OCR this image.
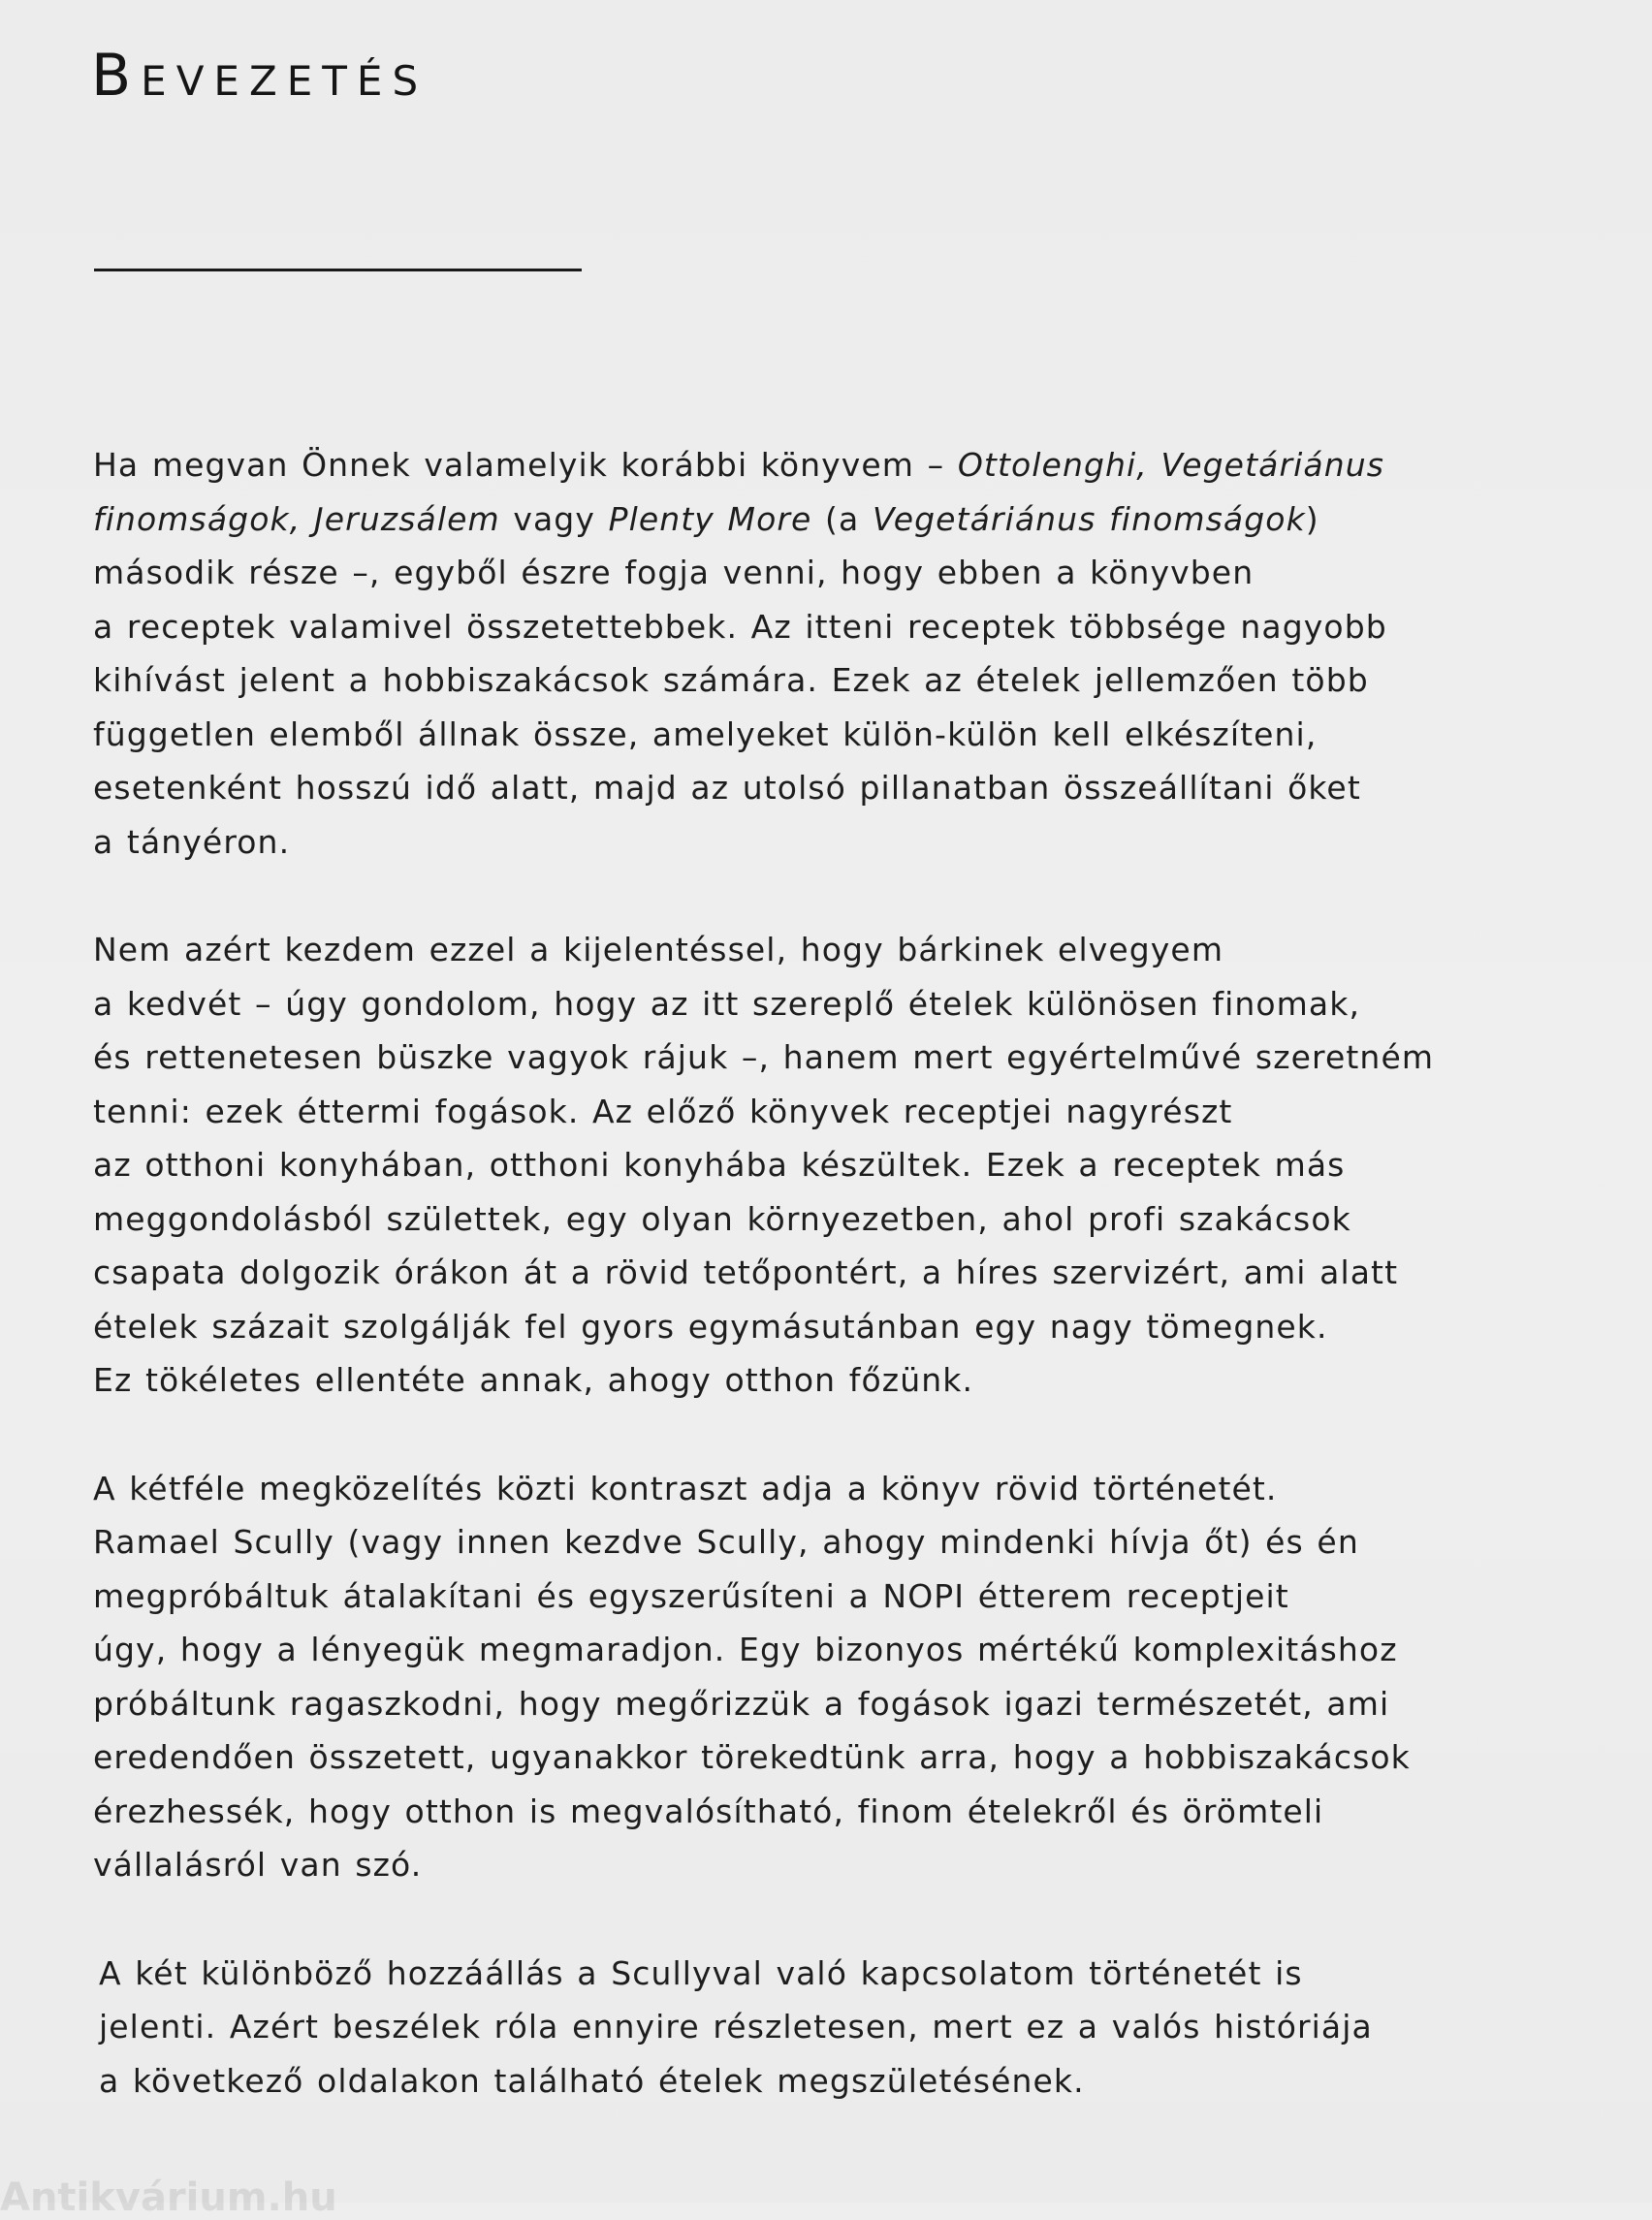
Bevezetés

Ha megvan Önnek valamelyik korábbi könyvem – Ottolenghi, Vegetáriánus
finomságok, Jeruzsálem vagy Plenty More (a Vegetáriánus finomságok)
második része –, egyből észre fogja venni, hogy ebben a könyvben
a receptek valamivel összetettebbek. Az itteni receptek többsége nagyobb
kihívást jelent a hobbiszakácsok számára. Ezek az ételek jellemzően több
független elemből állnak össze, amelyeket külön-külön kell elkészíteni,
esetenként hosszú idő alatt, majd az utolsó pillanatban összeállítani őket
a tányéron.

Nem azért kezdem ezzel a kijelentéssel, hogy bárkinek elvegyem
a kedvét – úgy gondolom, hogy az itt szereplő ételek különösen finomak,
és rettenetesen büszke vagyok rájuk –, hanem mert egyértelművé szeretném
tenni: ezek éttermi fogások. Az előző könyvek receptjei nagyrészt
az otthoni konyhában, otthoni konyhába készültek. Ezek a receptek más
meggondolásból születtek, egy olyan környezetben, ahol profi szakácsok
csapata dolgozik órákon át a rövid tetőpontért, a híres szervizért, ami alatt
ételek százait szolgálják fel gyors egymásutánban egy nagy tömegnek.
Ez tökéletes ellentéte annak, ahogy otthon főzünk.

A kétféle megközelítés közti kontraszt adja a könyv rövid történetét.
Ramael Scully (vagy innen kezdve Scully, ahogy mindenki hívja őt) és én
megpróbáltuk átalakítani és egyszerűsíteni a NOPI étterem receptjeit
úgy, hogy a lényegük megmaradjon. Egy bizonyos mértékű komplexitáshoz
próbáltunk ragaszkodni, hogy megőrizzük a fogások igazi természetét, ami
eredendően összetett, ugyanakkor törekedtünk arra, hogy a hobbiszakácsok
érezhessék, hogy otthon is megvalósítható, finom ételekről és örömteli
vállalásról van szó.

A két különböző hozzáállás a Scullyval való kapcsolatom történetét is
jelenti. Azért beszélek róla ennyire részletesen, mert ez a valós históriája
a következő oldalakon található ételek megszületésének.

Antikvárium.hu
